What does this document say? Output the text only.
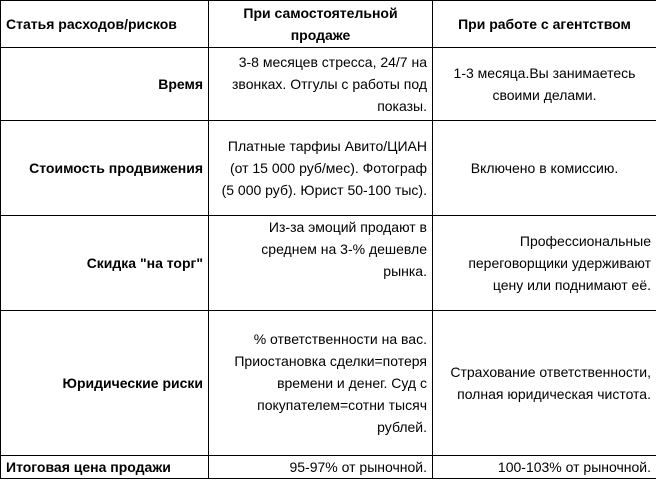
Статья расходов/рисков	При самостоятельной продаже	При работе с агентством
Время	3-8 месяцев стресса, 24/7 на звонках. Отгулы с работы под показы.	1-3 месяца.Вы занимаетесь своими делами.
Стоимость продвижения	Платные тарфиы Авито/ЦИАН (от 15 000 руб/мес). Фотограф (5 000 руб). Юрист 50-100 тыс).	Включено в комиссию.
Скидка "на торг"	Из-за эмоций продают в среднем на 3-% дешевле рынка.	Профессиональные переговорщики удерживают цену или поднимают её.
Юридические риски	% ответственности на вас. Приостановка сделки=потеря времени и денег. Суд с покупателем=сотни тысяч рублей.	Страхование ответственности, полная юридическая чистота.
Итоговая цена продажи	95-97% от рыночной.	100-103% от рыночной.
